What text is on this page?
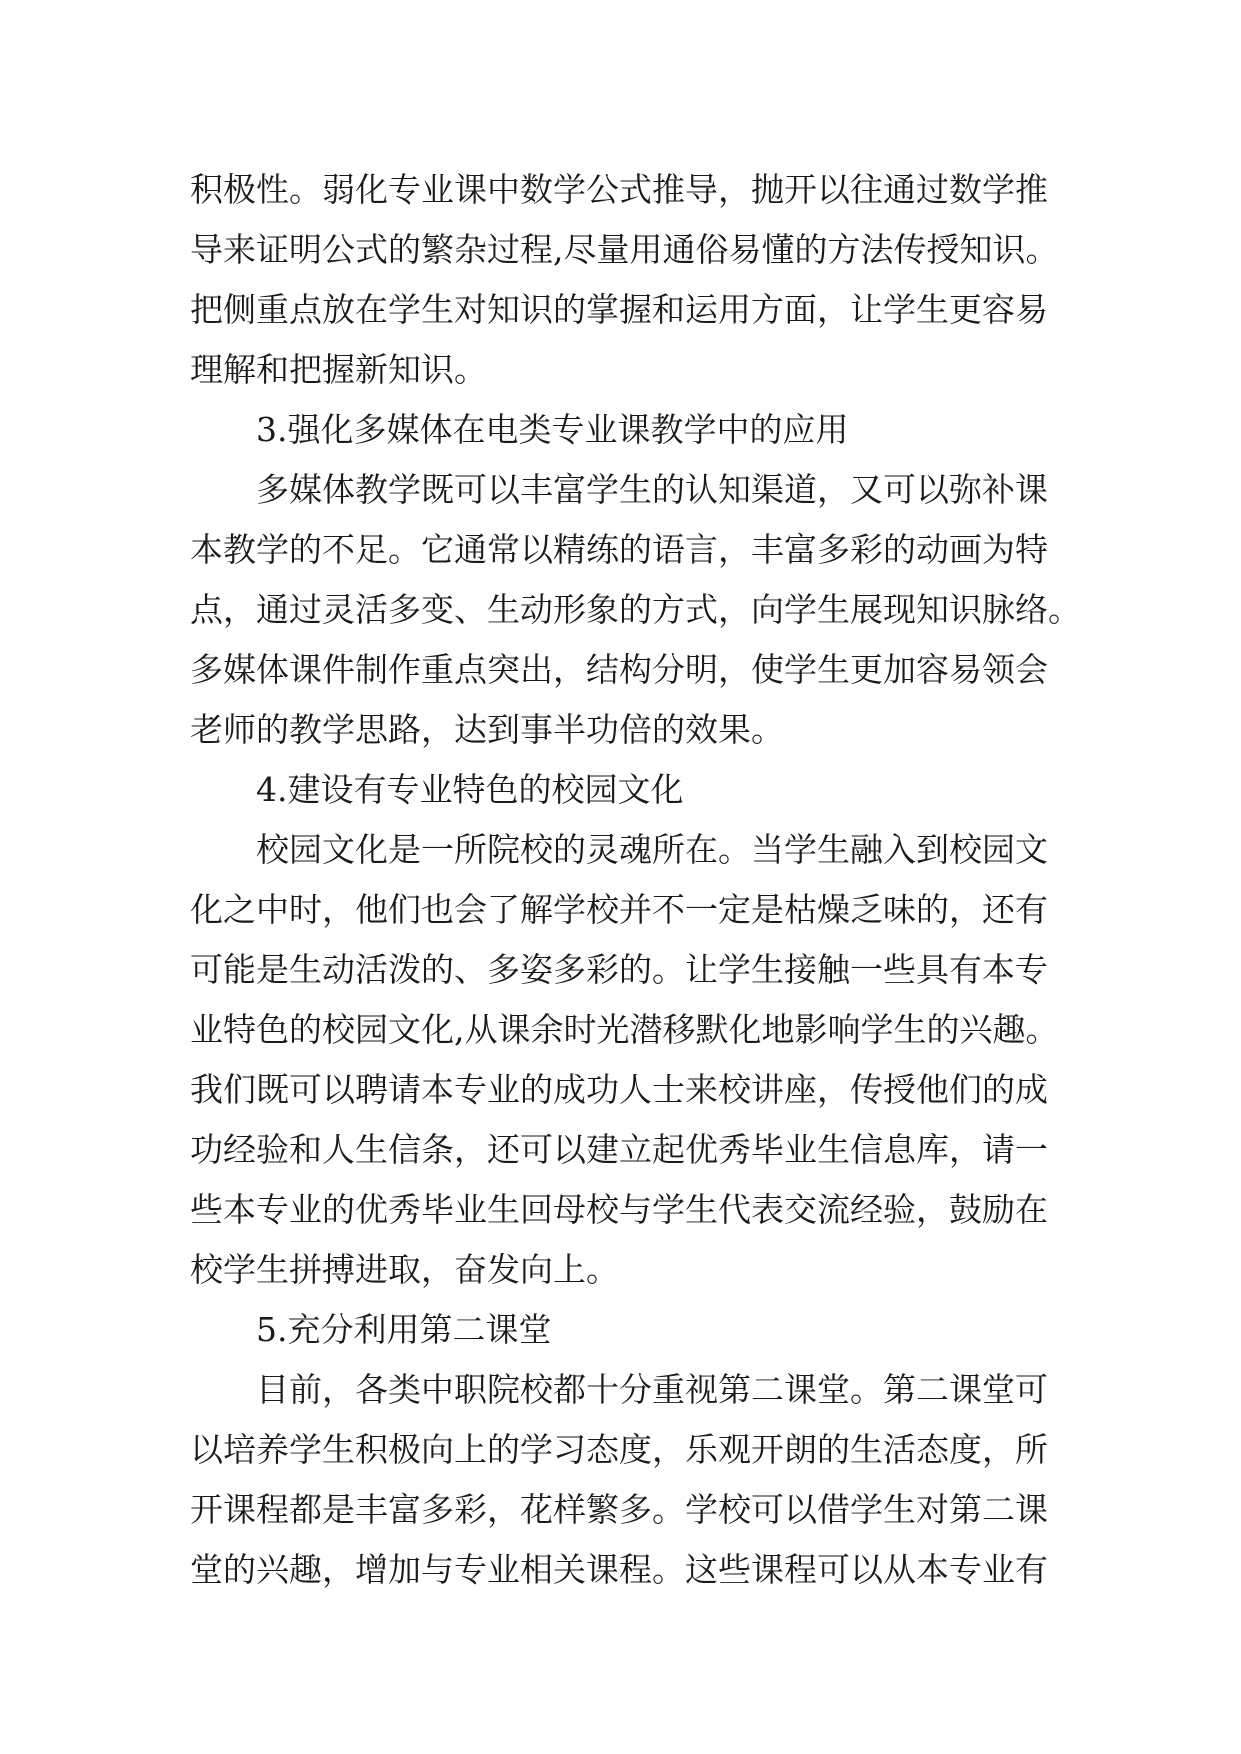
积极性。弱化专业课中数学公式推导，抛开以往通过数学推
导来证明公式的繁杂过程,尽量用通俗易懂的方法传授知识。
把侧重点放在学生对知识的掌握和运用方面，让学生更容易
理解和把握新知识。
3.强化多媒体在电类专业课教学中的应用
多媒体教学既可以丰富学生的认知渠道，又可以弥补课
本教学的不足。它通常以精练的语言，丰富多彩的动画为特
点，通过灵活多变、生动形象的方式，向学生展现知识脉络。
多媒体课件制作重点突出，结构分明，使学生更加容易领会
老师的教学思路，达到事半功倍的效果。
4.建设有专业特色的校园文化
校园文化是一所院校的灵魂所在。当学生融入到校园文
化之中时，他们也会了解学校并不一定是枯燥乏味的，还有
可能是生动活泼的、多姿多彩的。让学生接触一些具有本专
业特色的校园文化,从课余时光潜移默化地影响学生的兴趣。
我们既可以聘请本专业的成功人士来校讲座，传授他们的成
功经验和人生信条，还可以建立起优秀毕业生信息库，请一
些本专业的优秀毕业生回母校与学生代表交流经验，鼓励在
校学生拼搏进取，奋发向上。
5.充分利用第二课堂
目前，各类中职院校都十分重视第二课堂。第二课堂可
以培养学生积极向上的学习态度，乐观开朗的生活态度，所
开课程都是丰富多彩，花样繁多。学校可以借学生对第二课
堂的兴趣，增加与专业相关课程。这些课程可以从本专业有
